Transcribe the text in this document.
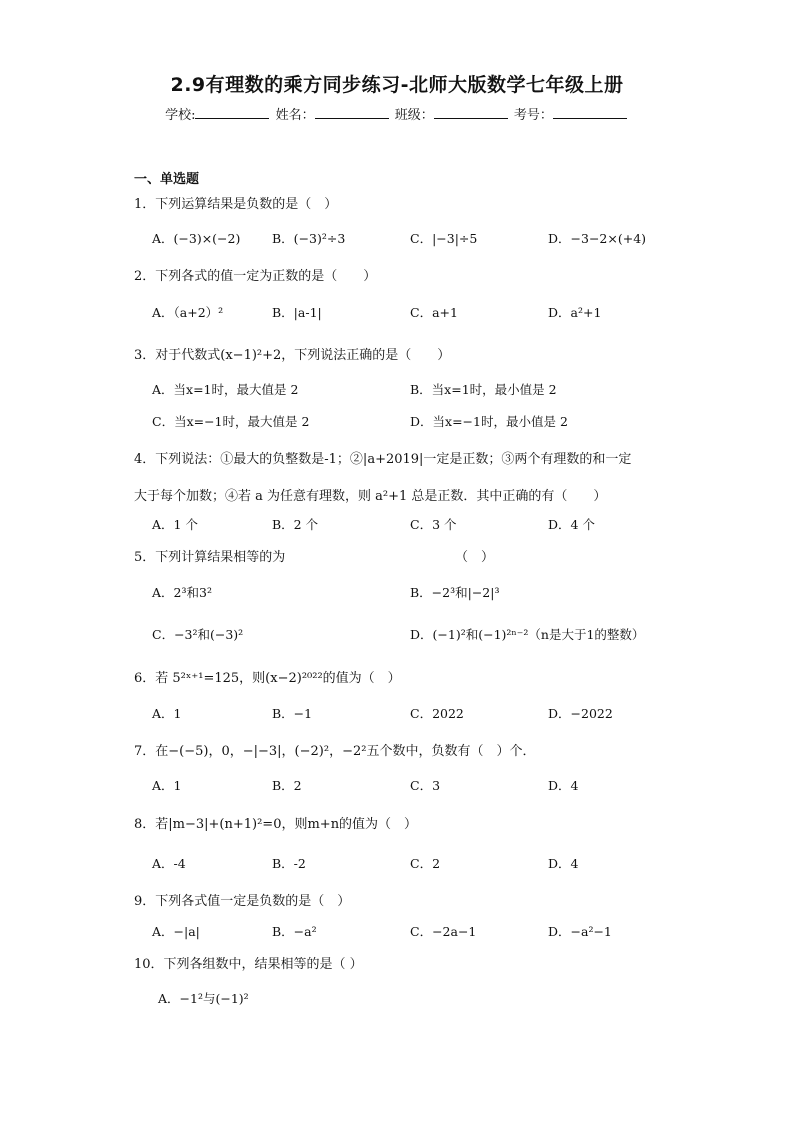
2.9有理数的乘方同步练习-北师大版数学七年级上册
学校:	姓名：	班级：	考号：
一、单选题
1．下列运算结果是负数的是（　）
A．(−3)×(−2)	B．(−3)²÷3	C．|−3|÷5	D．−3−2×(+4)
2．下列各式的值一定为正数的是（　　）
A．（a+2）²	B．|a-1|	C．a+1	D．a²+1
3．对于代数式(x−1)²+2，下列说法正确的是（　　）
A．当x=1时，最大值是 2	B．当x=1时，最小值是 2
C．当x=−1时，最大值是 2	D．当x=−1时，最小值是 2
4．下列说法：①最大的负整数是-1；②|a+2019|一定是正数；③两个有理数的和一定
大于每个加数；④若 a 为任意有理数，则 a²+1 总是正数．其中正确的有（　　）
A．1 个	B．2 个	C．3 个	D．4 个
5．下列计算结果相等的为	（　）
A．2³和3²	B．−2³和|−2|³
C．−3²和(−3)²	D．(−1)²和(−1)²ⁿ⁻²（n是大于1的整数）
6．若 5²ˣ⁺¹=125，则(x−2)²⁰²²的值为（　）
A．1	B．−1	C．2022	D．−2022
7．在−(−5)，0，−|−3|，(−2)²，−2²五个数中，负数有（　）个．
A．1	B．2	C．3	D．4
8．若|m−3|+(n+1)²=0，则m+n的值为（　）
A．-4	B．-2	C．2	D．4
9．下列各式值一定是负数的是（　）
A．−|a|	B．−a²	C．−2a−1	D．−a²−1
10．下列各组数中，结果相等的是（ ）
A．−1²与(−1)²
